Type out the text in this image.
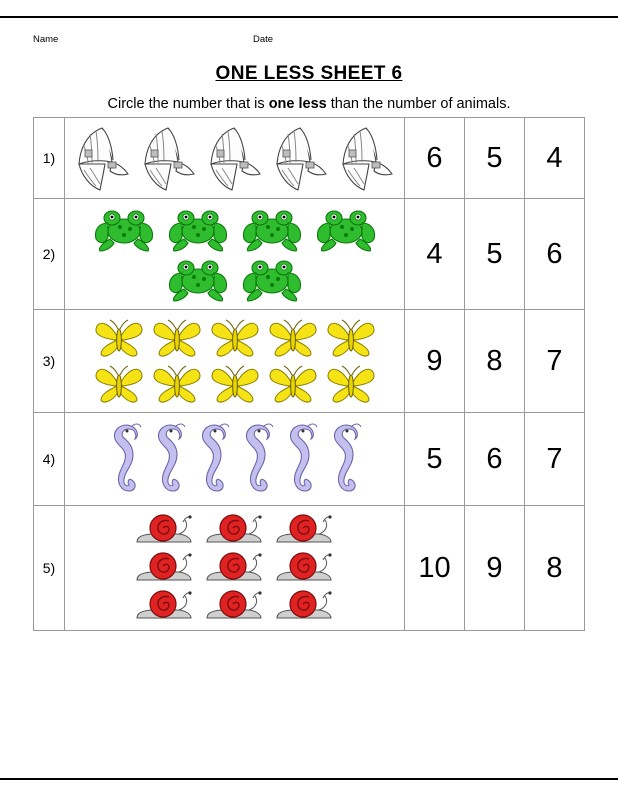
Name	Date
ONE LESS SHEET 6
Circle the number that is one less than the number of animals.
1)		6	5	4
2)		4	5	6
3)		9	8	7
4)		5	6	7
5)		10	9	8
